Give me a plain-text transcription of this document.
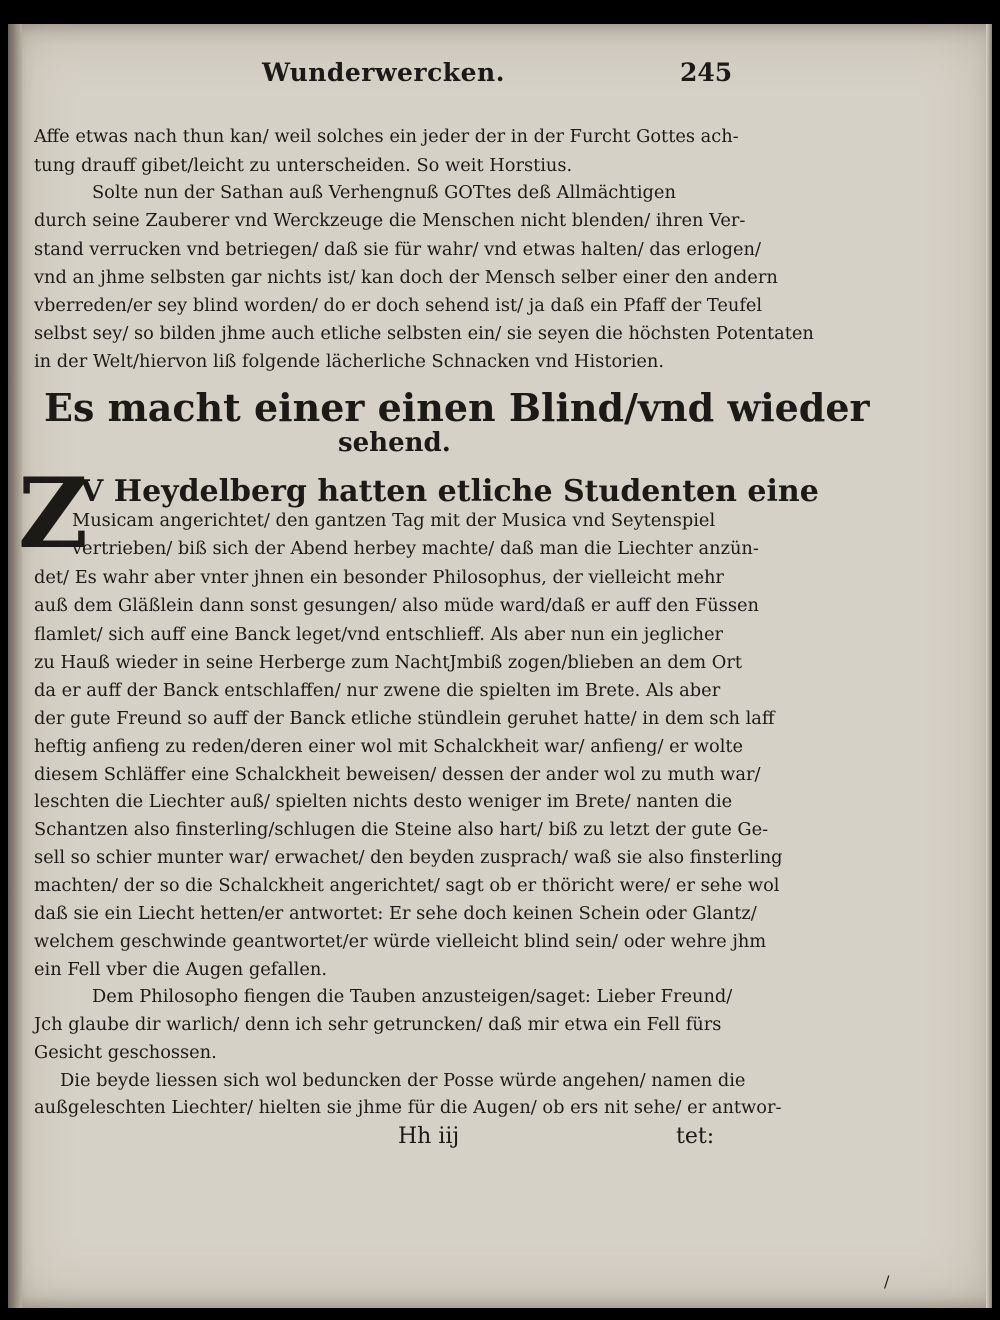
Wunderwercken.	245
Affe etwas nach thun kan/ weil solches ein jeder der in der Furcht Gottes ach-
tung drauff gibet/leicht zu unterscheiden. So weit Horstius.
Solte nun der Sathan auß Verhengnuß GOTtes deß Allmächtigen
durch seine Zauberer vnd Werckzeuge die Menschen nicht blenden/ ihren Ver-
stand verrucken vnd betriegen/ daß sie für wahr/ vnd etwas halten/ das erlogen/
vnd an jhme selbsten gar nichts ist/ kan doch der Mensch selber einer den andern
vberreden/er sey blind worden/ do er doch sehend ist/ ja daß ein Pfaff der Teufel
selbst sey/ so bilden jhme auch etliche selbsten ein/ sie seyen die höchsten Potentaten
in der Welt/hiervon liß folgende lächerliche Schnacken vnd Historien.
Es macht einer einen Blind/vnd wieder
sehend.
Z
V Heydelberg hatten etliche Studenten eine
Musicam angerichtet/ den gantzen Tag mit der Musica vnd Seytenspiel
vertrieben/ biß sich der Abend herbey machte/ daß man die Liechter anzün-
det/ Es wahr aber vnter jhnen ein besonder Philosophus, der vielleicht mehr
auß dem Gläßlein dann sonst gesungen/ also müde ward/daß er auff den Füssen
flamlet/ sich auff eine Banck leget/vnd entschlieff. Als aber nun ein jeglicher
zu Hauß wieder in seine Herberge zum NachtJmbiß zogen/blieben an dem Ort
da er auff der Banck entschlaffen/ nur zwene die spielten im Brete. Als aber
der gute Freund so auff der Banck etliche stündlein geruhet hatte/ in dem sch laff
heftig anfieng zu reden/deren einer wol mit Schalckheit war/ anfieng/ er wolte
diesem Schläffer eine Schalckheit beweisen/ dessen der ander wol zu muth war/
leschten die Liechter auß/ spielten nichts desto weniger im Brete/ nanten die
Schantzen also finsterling/schlugen die Steine also hart/ biß zu letzt der gute Ge-
sell so schier munter war/ erwachet/ den beyden zusprach/ waß sie also finsterling
machten/ der so die Schalckheit angerichtet/ sagt ob er thöricht were/ er sehe wol
daß sie ein Liecht hetten/er antwortet: Er sehe doch keinen Schein oder Glantz/
welchem geschwinde geantwortet/er würde vielleicht blind sein/ oder wehre jhm
ein Fell vber die Augen gefallen.
Dem Philosopho fiengen die Tauben anzusteigen/saget: Lieber Freund/
Jch glaube dir warlich/ denn ich sehr getruncken/ daß mir etwa ein Fell fürs
Gesicht geschossen.
Die beyde liessen sich wol beduncken der Posse würde angehen/ namen die
außgeleschten Liechter/ hielten sie jhme für die Augen/ ob ers nit sehe/ er antwor-
Hh iij	tet:
/
